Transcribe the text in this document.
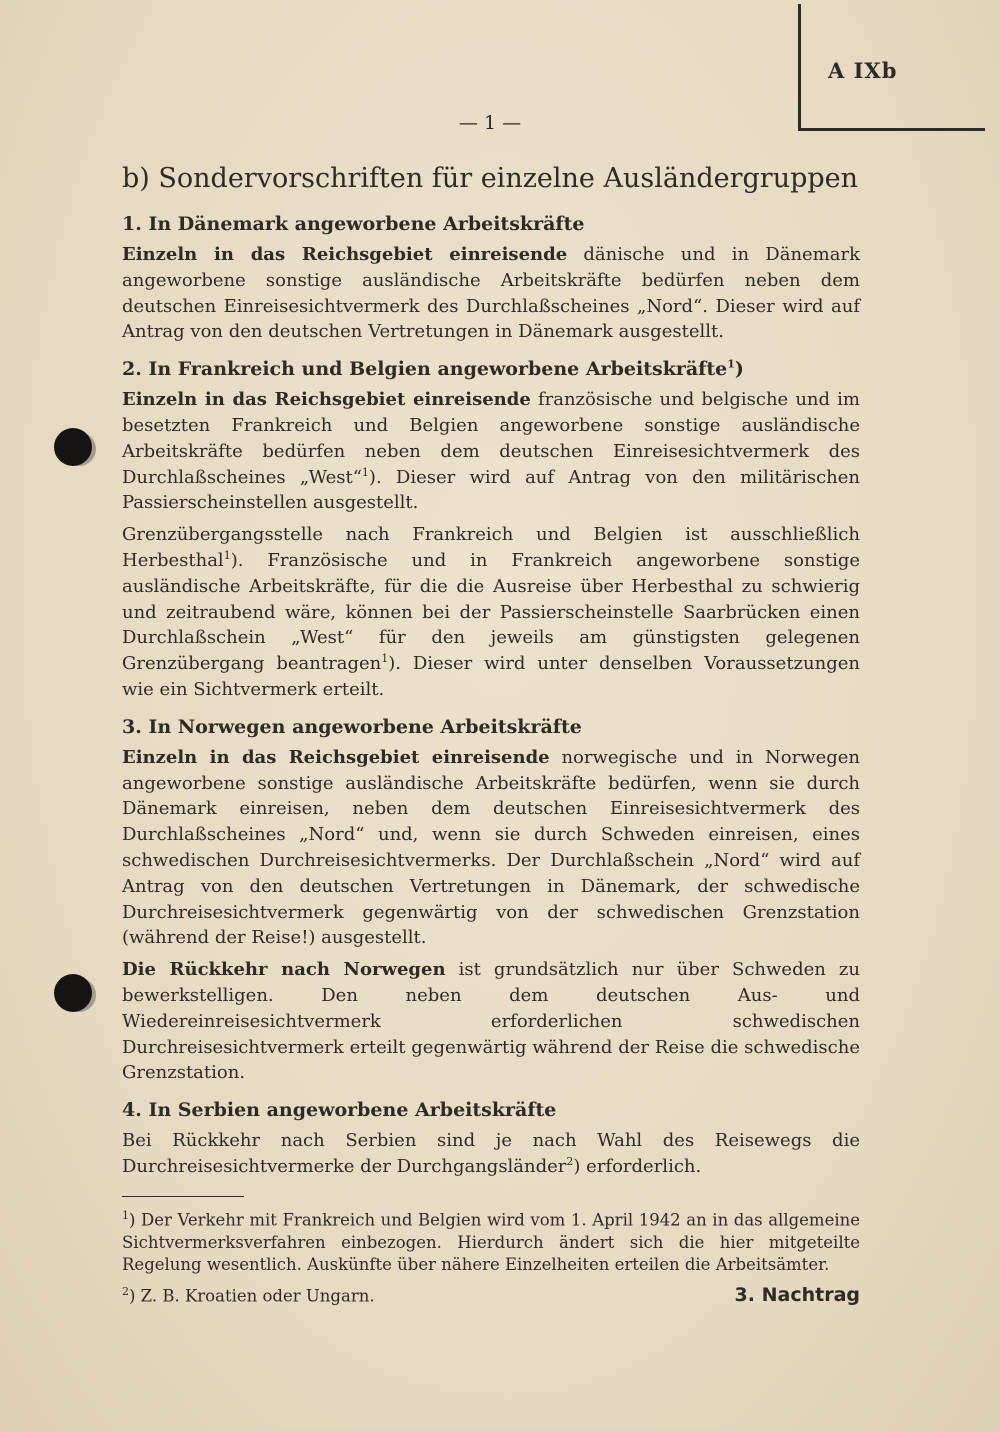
A IXb
— 1 —
b) Sondervorschriften für einzelne Ausländergruppen
1. In Dänemark angeworbene Arbeitskräfte

Einzeln in das Reichsgebiet einreisende dänische und in Dänemark angeworbene sonstige ausländische Arbeitskräfte bedürfen neben dem deutschen Einreisesichtvermerk des Durchlaßscheines „Nord“. Dieser wird auf Antrag von den deutschen Vertretungen in Dänemark ausgestellt.

2. In Frankreich und Belgien angeworbene Arbeitskräfte$^1$)

Einzeln in das Reichsgebiet einreisende französische und belgische und im besetzten Frankreich und Belgien angeworbene sonstige ausländische Arbeitskräfte bedürfen neben dem deutschen Einreisesichtvermerk des Durchlaßscheines „West“$^1$). Dieser wird auf Antrag von den militärischen Passierscheinstellen ausgestellt.

Grenzübergangsstelle nach Frankreich und Belgien ist ausschließlich Herbesthal$^1$). Französische und in Frankreich angeworbene sonstige ausländische Arbeitskräfte, für die die Ausreise über Herbesthal zu schwierig und zeitraubend wäre, können bei der Passierscheinstelle Saarbrücken einen Durchlaßschein „West“ für den jeweils am günstigsten gelegenen Grenzübergang beantragen$^1$). Dieser wird unter denselben Voraussetzungen wie ein Sichtvermerk erteilt.

3. In Norwegen angeworbene Arbeitskräfte

Einzeln in das Reichsgebiet einreisende norwegische und in Norwegen angeworbene sonstige ausländische Arbeitskräfte bedürfen, wenn sie durch Dänemark einreisen, neben dem deutschen Einreisesichtvermerk des Durchlaßscheines „Nord“ und, wenn sie durch Schweden einreisen, eines schwedischen Durchreisesichtvermerks. Der Durchlaßschein „Nord“ wird auf Antrag von den deutschen Vertretungen in Dänemark, der schwedische Durchreisesichtvermerk gegenwärtig von der schwedischen Grenzstation (während der Reise!) ausgestellt.

Die Rückkehr nach Norwegen ist grundsätzlich nur über Schweden zu bewerkstelligen. Den neben dem deutschen Aus- und Wiedereinreisesichtvermerk erforderlichen schwedischen Durchreisesichtvermerk erteilt gegenwärtig während der Reise die schwedische Grenzstation.

4. In Serbien angeworbene Arbeitskräfte

Bei Rückkehr nach Serbien sind je nach Wahl des Reisewegs die Durchreisesichtvermerke der Durchgangsländer$^2$) erforderlich.

$^1$) Der Verkehr mit Frankreich und Belgien wird vom 1. April 1942 an in das allgemeine Sichtvermerksverfahren einbezogen. Hierdurch ändert sich die hier mitgeteilte Regelung wesentlich. Auskünfte über nähere Einzelheiten erteilen die Arbeitsämter.
$^2$) Z. B. Kroatien oder Ungarn.	3. Nachtrag
